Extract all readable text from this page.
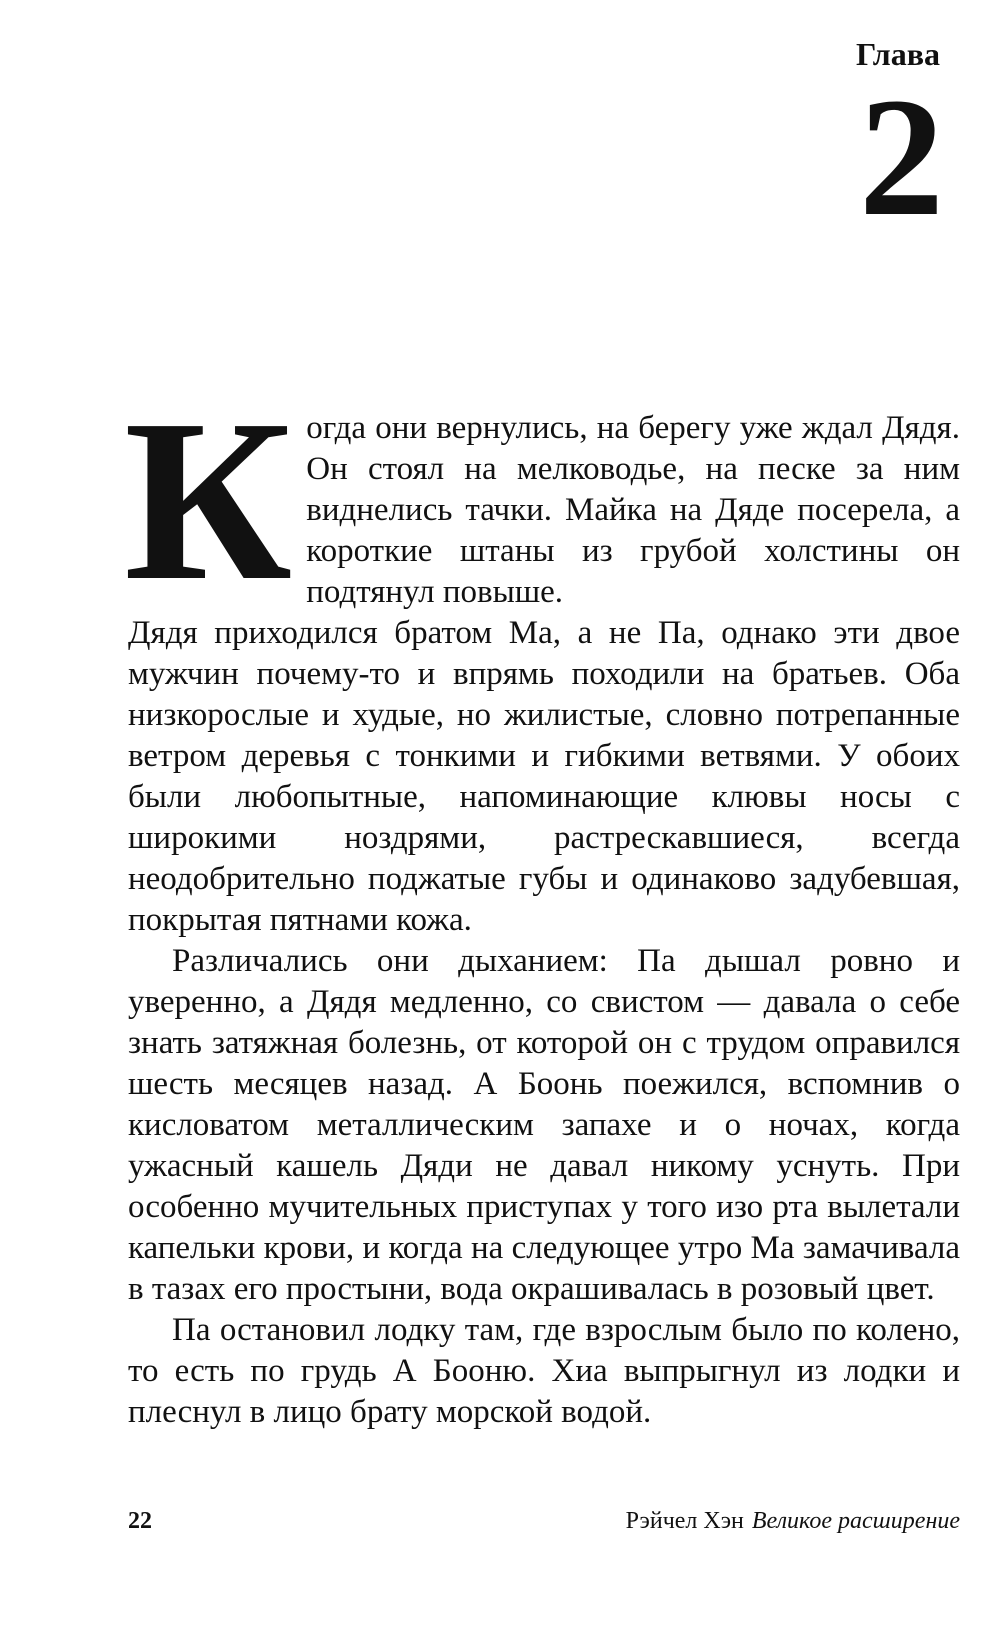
Глава
2

Когда они вернулись, на берегу уже ждал Дядя. Он стоял на мелководье, на песке за ним виднелись тачки. Майка на Дяде посерела, а короткие штаны из грубой холстины он подтянул повыше.

Дядя приходился братом Ма, а не Па, однако эти двое мужчин почему-то и впрямь походили на братьев. Оба низкорослые и худые, но жилистые, словно потрепанные ветром деревья с тонкими и гибкими ветвями. У обоих были любопытные, напоминающие клювы носы с широкими ноздрями, растрескавшиеся, всегда неодобрительно поджатые губы и одинаково задубевшая, покрытая пятнами кожа.

Различались они дыханием: Па дышал ровно и уверенно, а Дядя медленно, со свистом — давала о себе знать затяжная болезнь, от которой он с трудом оправился шесть месяцев назад. А Боонь поежился, вспомнив о кисловатом металлическим запахе и о ночах, когда ужасный кашель Дяди не давал никому уснуть. При особенно мучительных приступах у того изо рта вылетали капельки крови, и когда на следующее утро Ма замачивала в тазах его простыни, вода окрашивалась в розовый цвет.

Па остановил лодку там, где взрослым было по колено, то есть по грудь А Бооню. Хиа выпрыгнул из лодки и плеснул в лицо брату морской водой.

22	Рэйчел Хэн Великое расширение
